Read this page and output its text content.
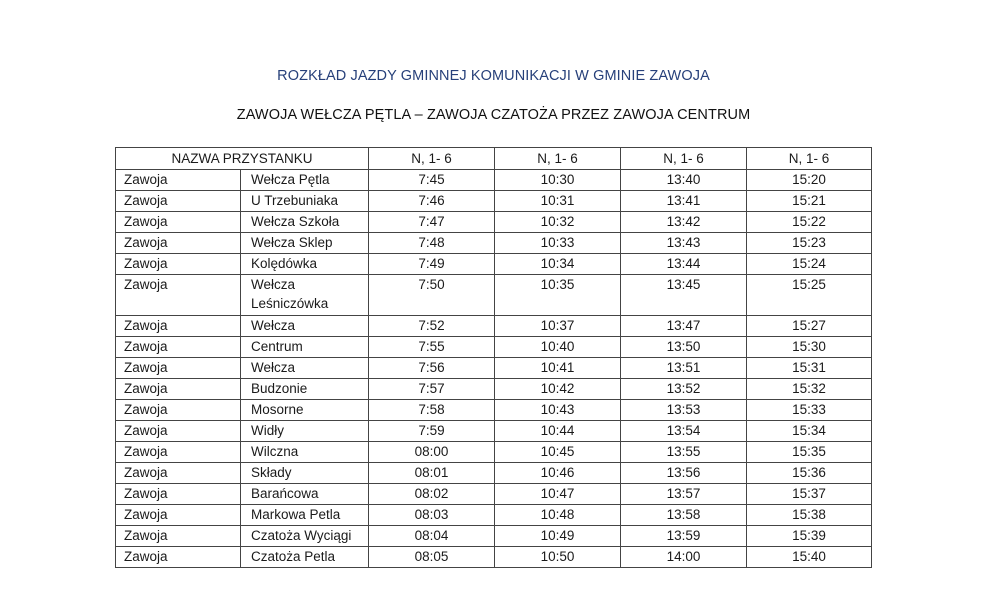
ROZKŁAD JAZDY GMINNEJ KOMUNIKACJI W GMINIE ZAWOJA
ZAWOJA WEŁCZA PĘTLA – ZAWOJA CZATOŻA PRZEZ ZAWOJA CENTRUM
NAZWA PRZYSTANKU		N, 1- 6	N, 1- 6	N, 1- 6	N, 1- 6
Zawoja	Wełcza Pętla	7:45	10:30	13:40	15:20
Zawoja	U Trzebuniaka	7:46	10:31	13:41	15:21
Zawoja	Wełcza Szkoła	7:47	10:32	13:42	15:22
Zawoja	Wełcza Sklep	7:48	10:33	13:43	15:23
Zawoja	Kolędówka	7:49	10:34	13:44	15:24
Zawoja	Wełcza Leśniczówka	7:50	10:35	13:45	15:25
Zawoja	Wełcza	7:52	10:37	13:47	15:27
Zawoja	Centrum	7:55	10:40	13:50	15:30
Zawoja	Wełcza	7:56	10:41	13:51	15:31
Zawoja	Budzonie	7:57	10:42	13:52	15:32
Zawoja	Mosorne	7:58	10:43	13:53	15:33
Zawoja	Widły	7:59	10:44	13:54	15:34
Zawoja	Wilczna	08:00	10:45	13:55	15:35
Zawoja	Składy	08:01	10:46	13:56	15:36
Zawoja	Barańcowa	08:02	10:47	13:57	15:37
Zawoja	Markowa Petla	08:03	10:48	13:58	15:38
Zawoja	Czatoża Wyciągi	08:04	10:49	13:59	15:39
Zawoja	Czatoża Petla	08:05	10:50	14:00	15:40
